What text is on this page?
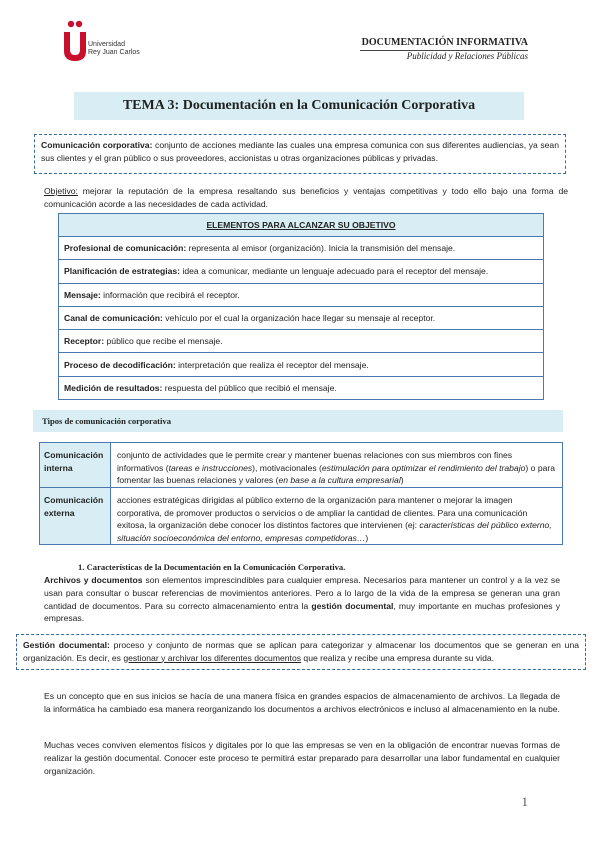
Universidad
Rey Juan Carlos
DOCUMENTACIÓN INFORMATIVA
Publicidad y Relaciones Públicas
TEMA 3: Documentación en la Comunicación Corporativa
Comunicación corporativa: conjunto de acciones mediante las cuales una empresa comunica con sus diferentes audiencias, ya sean sus clientes y el gran público o sus proveedores, accionistas u otras organizaciones públicas y privadas.
Objetivo: mejorar la reputación de la empresa resaltando sus beneficios y ventajas competitivas y todo ello bajo una forma de comunicación acorde a las necesidades de cada actividad.
ELEMENTOS PARA ALCANZAR SU OBJETIVO
Profesional de comunicación:
representa al emisor (organización). Inicia la transmisión del mensaje.
Planificación de estrategias:
idea a comunicar, mediante un lenguaje adecuado para el receptor del mensaje.
Mensaje:
información que recibirá el receptor.
Canal de comunicación:
vehículo por el cual la organización hace llegar su mensaje al receptor.
Receptor:
público que recibe el mensaje.
Proceso de decodificación:
interpretación que realiza el receptor del mensaje.
Medición de resultados:
respuesta del público que recibió el mensaje.
Tipos de comunicación corporativa
Comunicación interna
conjunto de actividades que le permite crear y mantener buenas relaciones con sus miembros con fines informativos (tareas e instrucciones), motivacionales (estimulación para optimizar el rendimiento del trabajo) o para fomentar las buenas relaciones y valores (en base a la cultura empresarial)
Comunicación externa
acciones estratégicas dirigidas al público externo de la organización para mantener o mejorar la imagen corporativa, de promover productos o servicios o de ampliar la cantidad de clientes. Para una comunicación exitosa, la organización debe conocer los distintos factores que intervienen (ej: características del público externo, situación socioeconómica del entorno, empresas competidoras…)
1. Características de la Documentación en la Comunicación Corporativa.
Archivos y documentos son elementos imprescindibles para cualquier empresa. Necesarios para mantener un control y a la vez se usan para consultar o buscar referencias de movimientos anteriores. Pero a lo largo de la vida de la empresa se generan una gran cantidad de documentos. Para su correcto almacenamiento entra la gestión documental, muy importante en muchas profesiones y empresas.
Gestión documental: proceso y conjunto de normas que se aplican para categorizar y almacenar los documentos que se generan en una organización. Es decir, es gestionar y archivar los diferentes documentos que realiza y recibe una empresa durante su vida.
Es un concepto que en sus inicios se hacía de una manera física en grandes espacios de almacenamiento de archivos. La llegada de la informática ha cambiado esa manera reorganizando los documentos a archivos electrónicos e incluso al almacenamiento en la nube.
Muchas veces conviven elementos físicos y digitales por lo que las empresas se ven en la obligación de encontrar nuevas formas de realizar la gestión documental. Conocer este proceso te permitirá estar preparado para desarrollar una labor fundamental en cualquier organización.
1
